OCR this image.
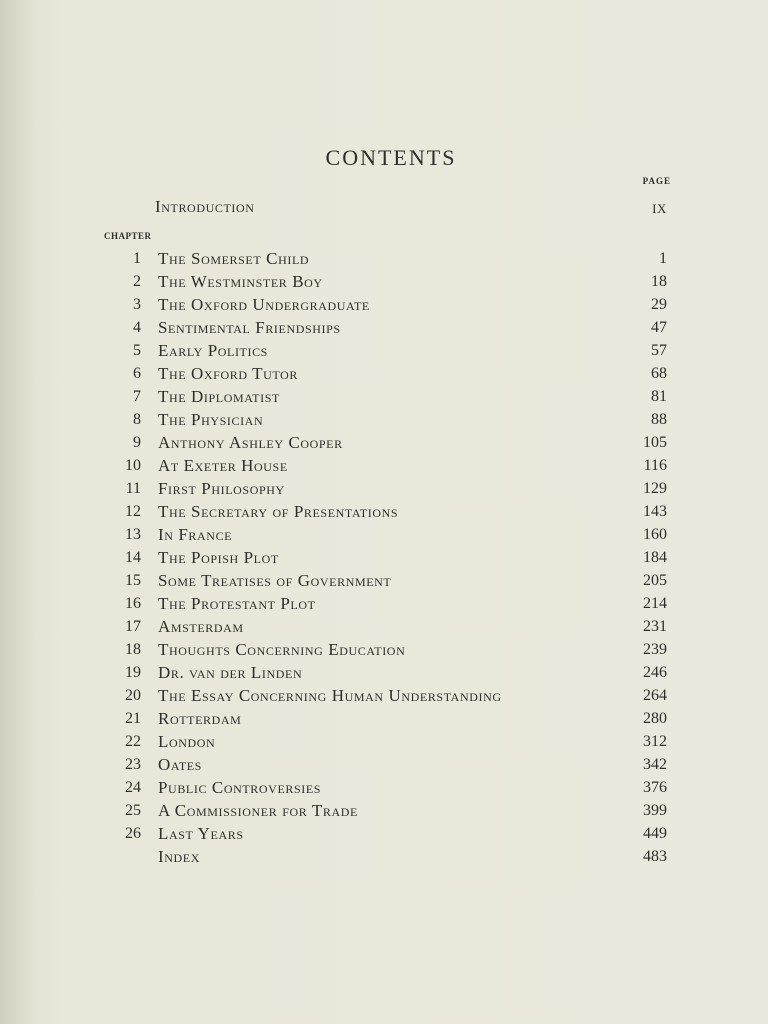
CONTENTS
PAGE
Introduction	ix
CHAPTER
1 The Somerset Child	1
2 The Westminster Boy	18
3 The Oxford Undergraduate	29
4 Sentimental Friendships	47
5 Early Politics	57
6 The Oxford Tutor	68
7 The Diplomatist	81
8 The Physician	88
9 Anthony Ashley Cooper	105
10 At Exeter House	116
11 First Philosophy	129
12 The Secretary of Presentations	143
13 In France	160
14 The Popish Plot	184
15 Some Treatises of Government	205
16 The Protestant Plot	214
17 Amsterdam	231
18 Thoughts Concerning Education	239
19 Dr. van der Linden	246
20 The Essay Concerning Human Understanding	264
21 Rotterdam	280
22 London	312
23 Oates	342
24 Public Controversies	376
25 A Commissioner for Trade	399
26 Last Years	449
Index	483
